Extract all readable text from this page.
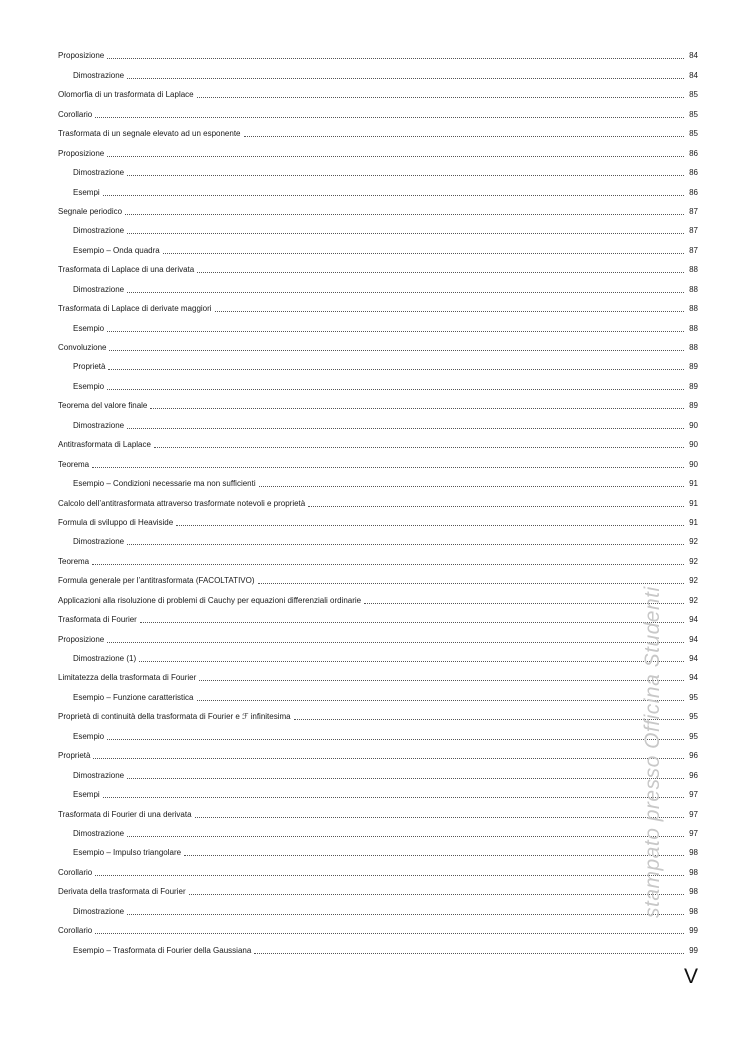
Proposizione	84
Dimostrazione	84
Olomorfia di un trasformata di Laplace	85
Corollario	85
Trasformata di un segnale elevato ad un esponente	85
Proposizione	86
Dimostrazione	86
Esempi	86
Segnale periodico	87
Dimostrazione	87
Esempio – Onda quadra	87
Trasformata di Laplace di una derivata	88
Dimostrazione	88
Trasformata di Laplace di derivate maggiori	88
Esempio	88
Convoluzione	88
Proprietà	89
Esempio	89
Teorema del valore finale	89
Dimostrazione	90
Antitrasformata di Laplace	90
Teorema	90
Esempio – Condizioni necessarie ma non sufficienti	91
Calcolo dell’antitrasformata attraverso trasformate notevoli e proprietà	91
Formula di sviluppo di Heaviside	91
Dimostrazione	92
Teorema	92
Formula generale per l’antitrasformata (FACOLTATIVO)	92
Applicazioni alla risoluzione di problemi di Cauchy per equazioni differenziali ordinarie	92
Trasformata di Fourier	94
Proposizione	94
Dimostrazione (1)	94
Limitatezza della trasformata di Fourier	94
Esempio – Funzione caratteristica	95
Proprietà di continuità della trasformata di Fourier e ℱ infinitesima	95
Esempio	95
Proprietà	96
Dimostrazione	96
Esempi	97
Trasformata di Fourier di una derivata	97
Dimostrazione	97
Esempio – Impulso triangolare	98
Corollario	98
Derivata della trasformata di Fourier	98
Dimostrazione	98
Corollario	99
Esempio – Trasformata di Fourier della Gaussiana	99
stampato presso Officina Studenti
V
